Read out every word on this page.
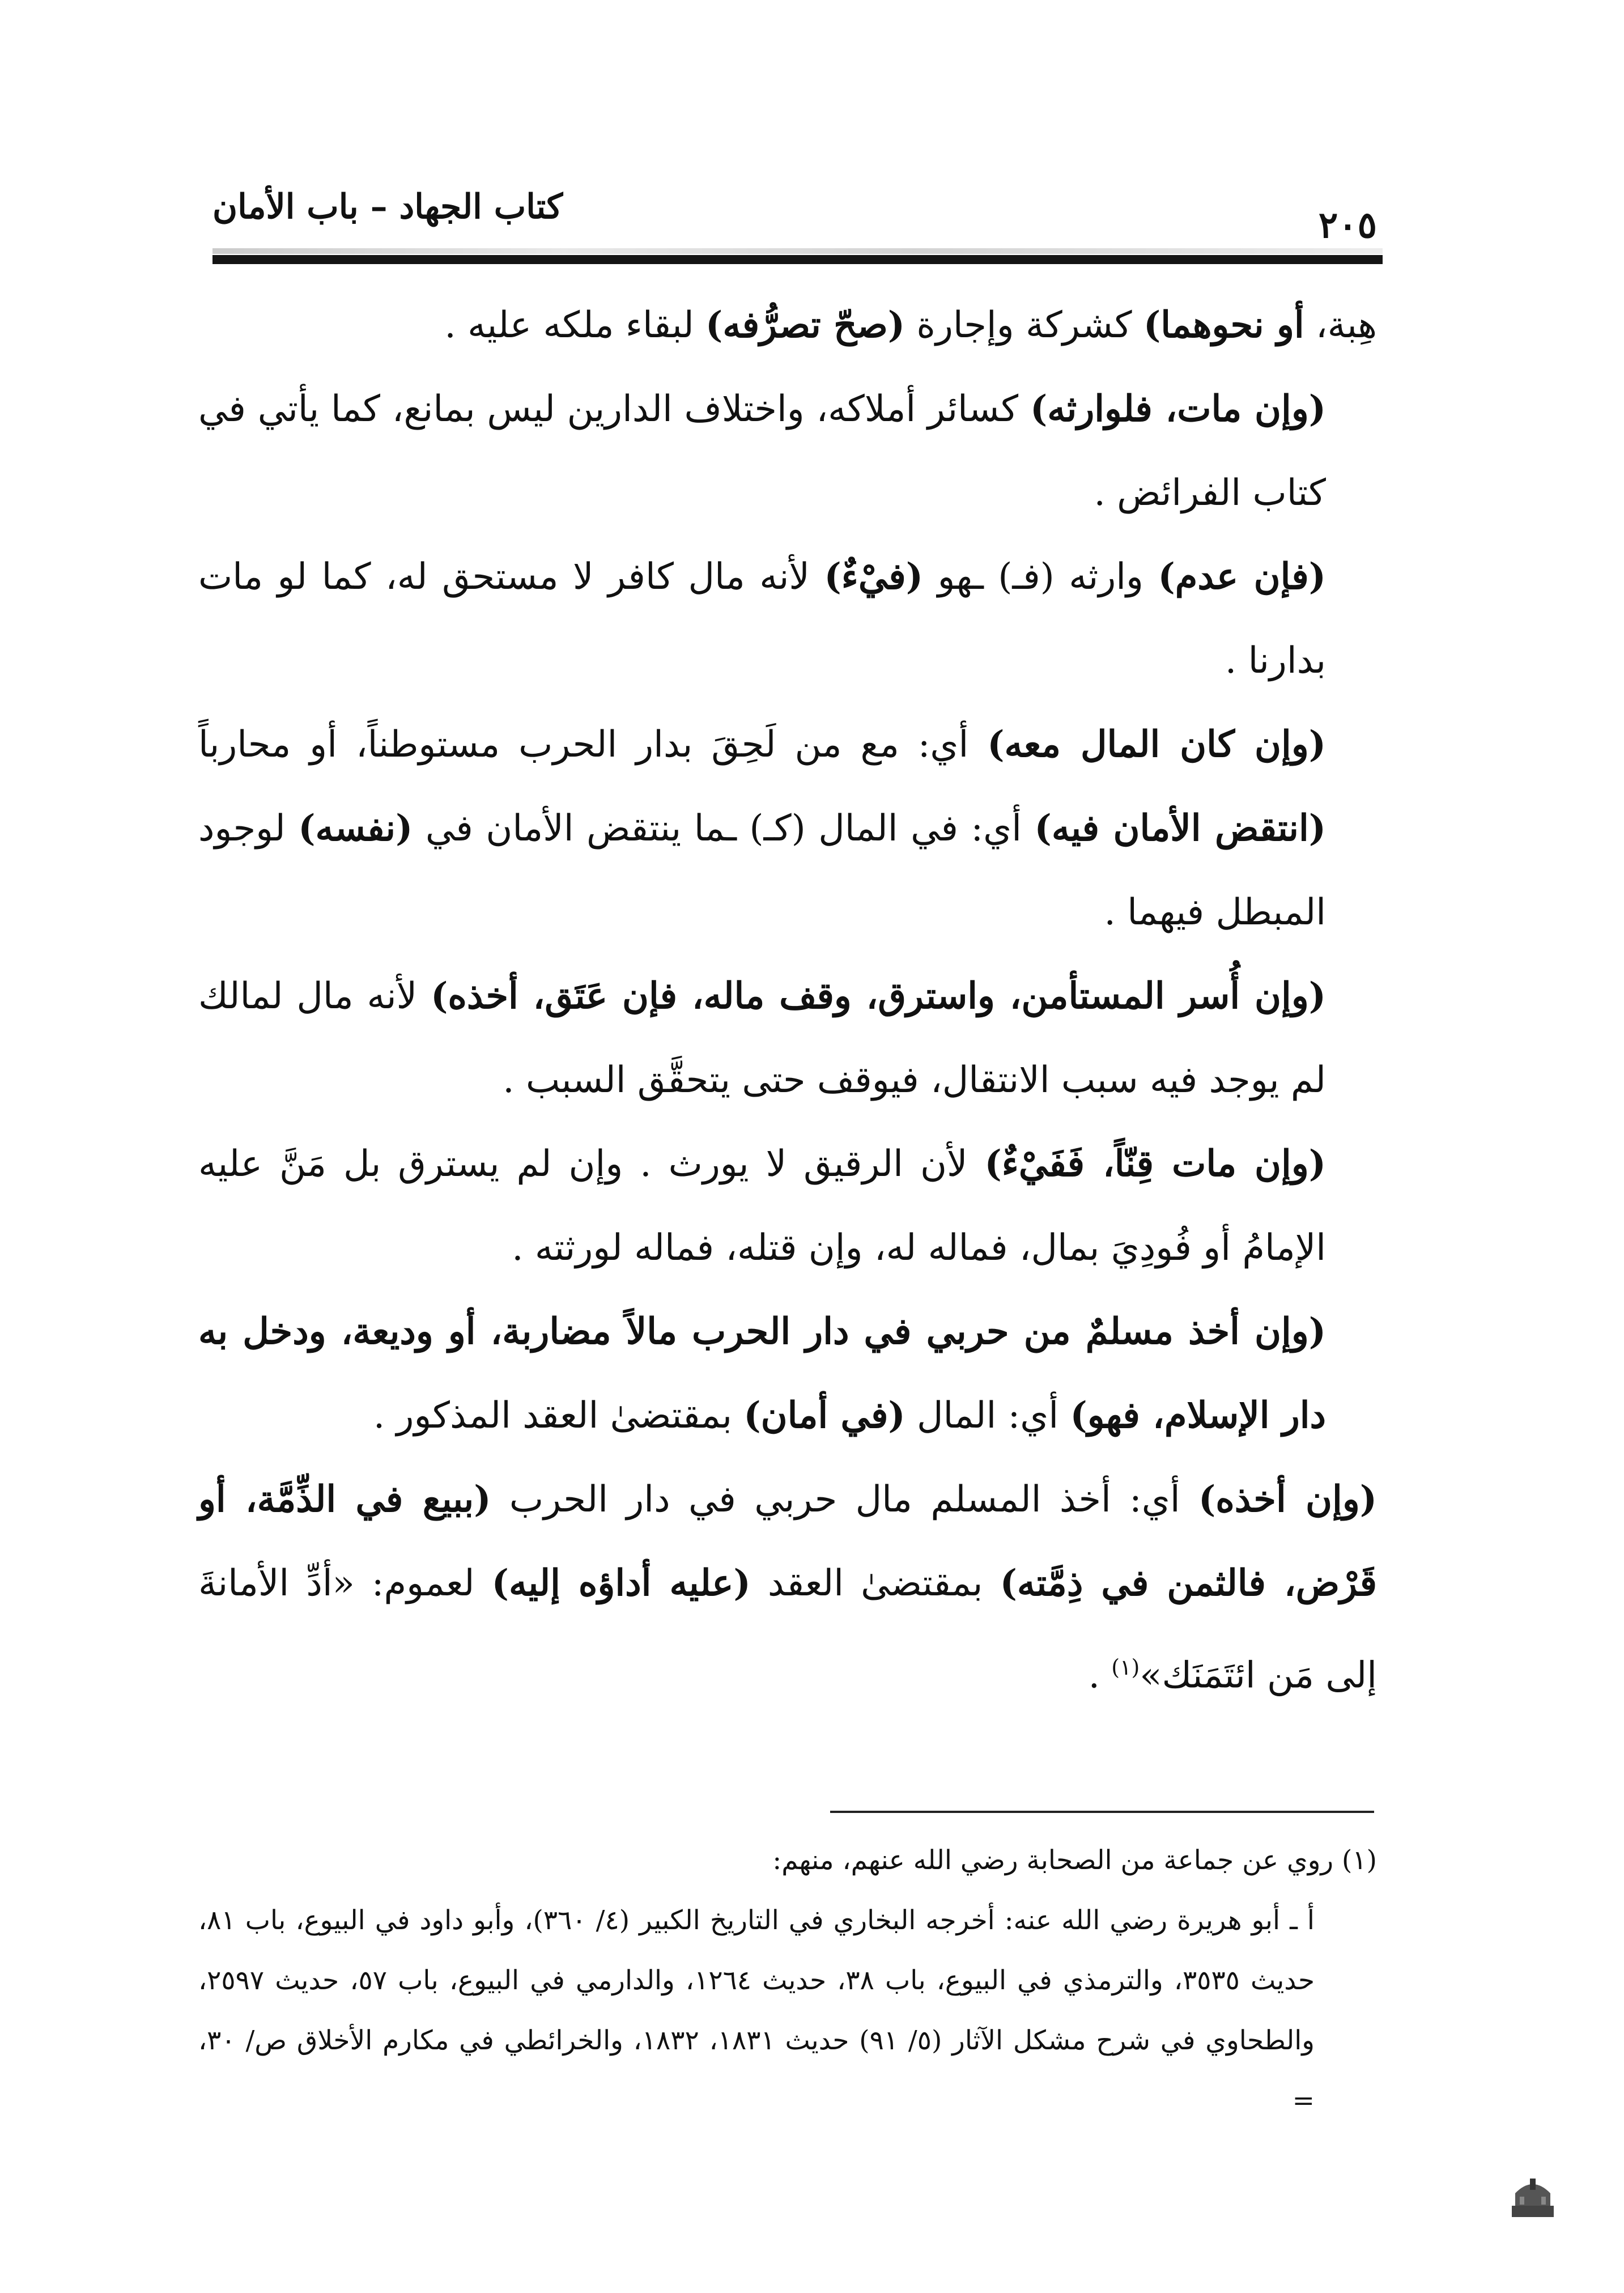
كتاب الجهاد – باب الأمان	٢٠٥

هِبة، أو نحوهما) كشركة وإجارة (صحّ تصرُّفه) لبقاء ملكه عليه .

(وإن مات، فلوارثه) كسائر أملاكه، واختلاف الدارين ليس بمانع، كما يأتي في كتاب الفرائض .

(فإن عدم) وارثه (فـ) ـهو (فيْءٌ) لأنه مال كافر لا مستحق له، كما لو مات بدارنا .

(وإن كان المال معه) أي: مع من لَحِقَ بدار الحرب مستوطناً، أو محارباً (انتقض الأمان فيه) أي: في المال (كـ) ـما ينتقض الأمان في (نفسه) لوجود المبطل فيهما .

(وإن أُسر المستأمن، واسترق، وقف ماله، فإن عَتَق، أخذه) لأنه مال لمالك لم يوجد فيه سبب الانتقال، فيوقف حتى يتحقَّق السبب .

(وإن مات قِنّاً، فَفَيْءٌ) لأن الرقيق لا يورث . وإن لم يسترق بل مَنَّ عليه الإمامُ أو فُودِيَ بمال، فماله له، وإن قتله، فماله لورثته .

(وإن أخذ مسلمٌ من حربي في دار الحرب مالاً مضاربة، أو وديعة، ودخل به دار الإسلام، فهو) أي: المال (في أمان) بمقتضىٰ العقد المذكور .

(وإن أخذه) أي: أخذ المسلم مال حربي في دار الحرب (ببيع في الذِّمَّة، أو قَرْض، فالثمن في ذِمَّته) بمقتضىٰ العقد (عليه أداؤه إليه) لعموم: «أدِّ الأمانةَ إلى مَن ائتَمَنَك»$^{(١)}$ .

(١) روي عن جماعة من الصحابة رضي الله عنهم، منهم:

أ ـ أبو هريرة رضي الله عنه: أخرجه البخاري في التاريخ الكبير (٤/ ٣٦٠)، وأبو داود في البيوع، باب ٨١، حديث ٣٥٣٥، والترمذي في البيوع، باب ٣٨، حديث ١٢٦٤، والدارمي في البيوع، باب ٥٧، حديث ٢٥٩٧، والطحاوي في شرح مشكل الآثار (٥/ ٩١) حديث ١٨٣١، ١٨٣٢، والخرائطي في مكارم الأخلاق ص/ ٣٠، =
